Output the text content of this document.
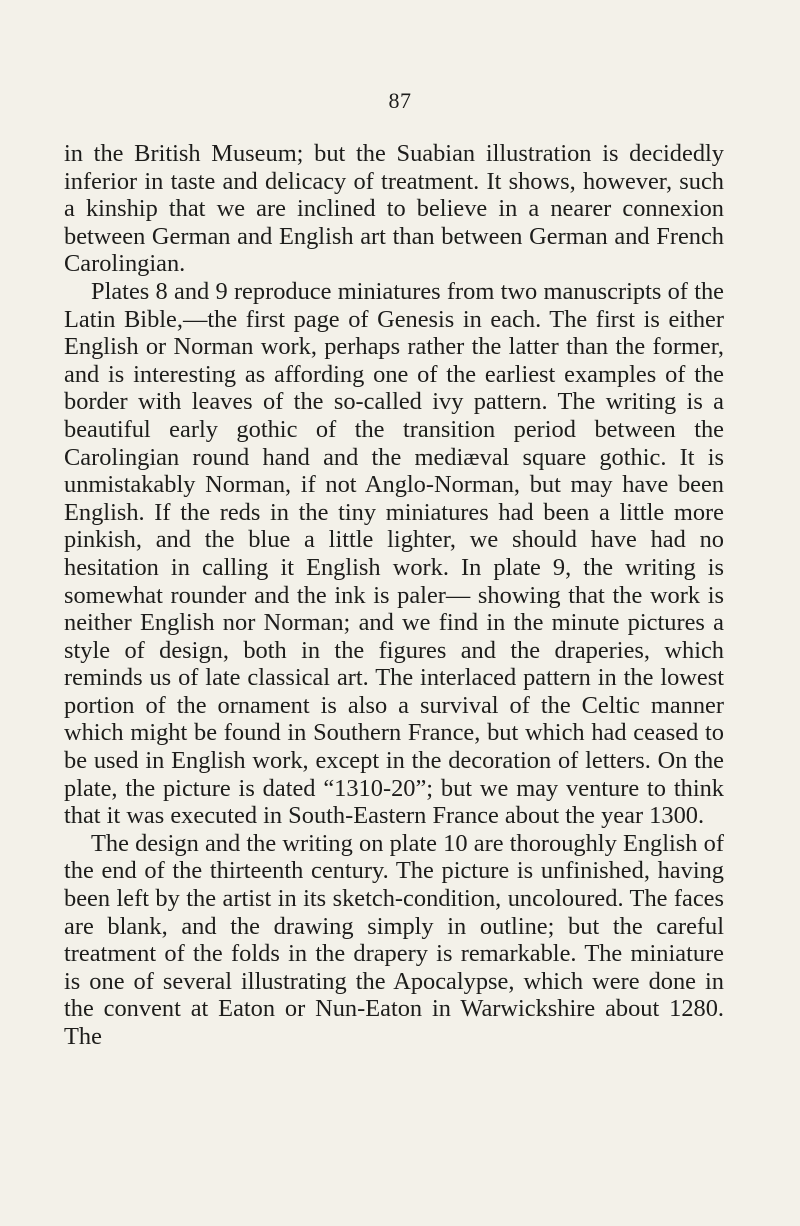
87

in the British Museum; but the Suabian illustration is decidedly inferior in taste and delicacy of treatment. It shows, however, such a kinship that we are inclined to believe in a nearer connexion between German and English art than between German and French Carolingian.

Plates 8 and 9 reproduce miniatures from two manuscripts of the Latin Bible,—the first page of Genesis in each. The first is either English or Norman work, perhaps rather the latter than the former, and is interesting as affording one of the earliest examples of the border with leaves of the so-called ivy pattern. The writing is a beautiful early gothic of the transition period between the Carolingian round hand and the mediæval square gothic. It is unmistakably Norman, if not Anglo-Norman, but may have been English. If the reds in the tiny miniatures had been a little more pinkish, and the blue a little lighter, we should have had no hesitation in calling it English work. In plate 9, the writing is somewhat rounder and the ink is paler— showing that the work is neither English nor Norman; and we find in the minute pictures a style of design, both in the figures and the draperies, which reminds us of late classical art. The interlaced pattern in the lowest portion of the ornament is also a survival of the Celtic manner which might be found in Southern France, but which had ceased to be used in English work, except in the decoration of letters. On the plate, the picture is dated “1310-20”; but we may venture to think that it was executed in South-Eastern France about the year 1300.

The design and the writing on plate 10 are thoroughly English of the end of the thirteenth century. The picture is unfinished, having been left by the artist in its sketch-condition, uncoloured. The faces are blank, and the drawing simply in outline; but the careful treatment of the folds in the drapery is remarkable. The miniature is one of several illustrating the Apocalypse, which were done in the convent at Eaton or Nun-Eaton in Warwickshire about 1280. The
